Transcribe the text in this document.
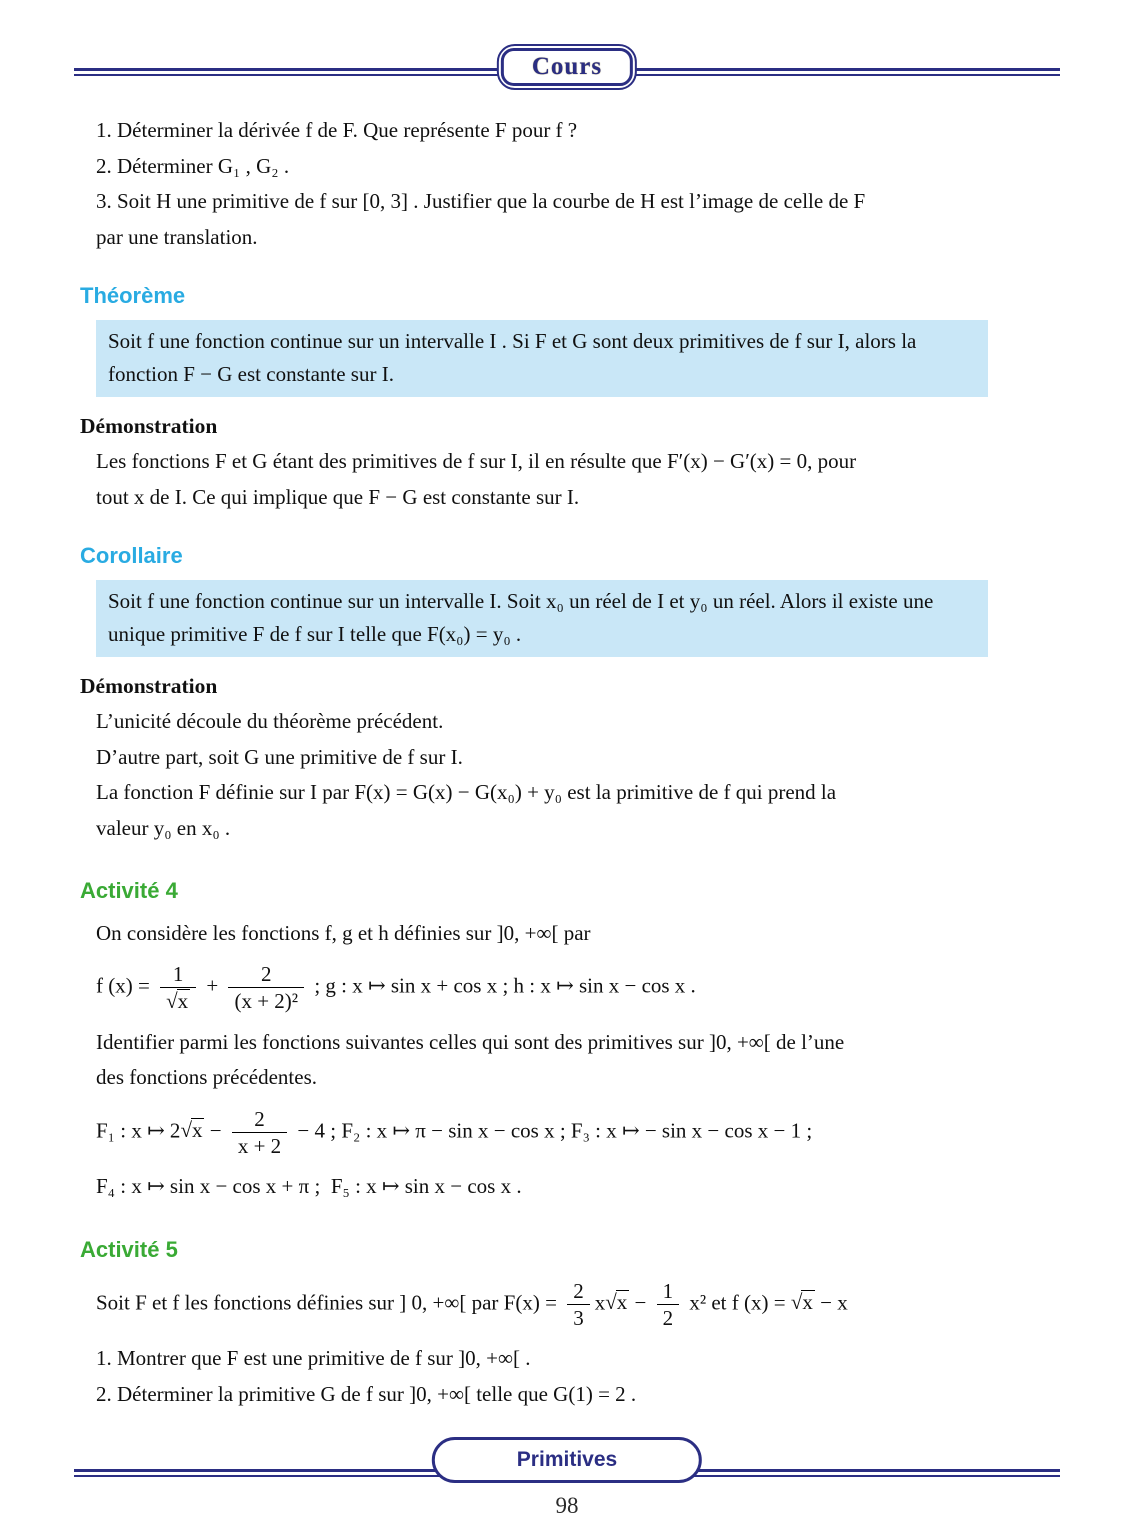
Cours

1. Déterminer la dérivée f de F. Que représente F pour f ?

2. Déterminer G₁ , G₂ .

3. Soit H une primitive de f sur [0, 3] . Justifier que la courbe de H est l’image de celle de F

par une translation.

Théorème

Soit f une fonction continue sur un intervalle I . Si F et G sont deux primitives de f sur I, alors la fonction F − G est constante sur I.

Démonstration

Les fonctions F et G étant des primitives de f sur I, il en résulte que F′(x) − G′(x) = 0, pour

tout x de I. Ce qui implique que F − G est constante sur I.

Corollaire

Soit f une fonction continue sur un intervalle I. Soit x₀ un réel de I et y₀ un réel. Alors il existe une unique primitive F de f sur I telle que F(x₀) = y₀ .

Démonstration

L’unicité découle du théorème précédent.

D’autre part, soit G une primitive de f sur I.

La fonction F définie sur I par F(x) = G(x) − G(x₀) + y₀ est la primitive de f qui prend la

valeur y₀ en x₀ .

Activité 4

On considère les fonctions f, g et h définies sur ]0, +∞[ par

f $(x) = \frac{1}{√x} + \frac{2}{\text{(x + 2)²}}$ ; g : x ↦ sin x + cos x ; h : x ↦ sin x − cos x .

Identifier parmi les fonctions suivantes celles qui sont des primitives sur ]0, +∞[ de l’une

des fonctions précédentes.

F₁ : x ↦ $2√x - \frac{2}{x + 2} - 4$ ; F₂ : x ↦ π − sin x − cos x ; F₃ : x ↦ − sin x − cos x − 1 ;

F₄ : x ↦ sin x − cos x + π ; F₅ : x ↦ sin x − cos x .

Activité 5

Soit F et f les fonctions définies sur ] 0, +∞[ par $F(x) = \frac{2}{3} x√x - \frac{1}{2} x^2$ et f (x) = √x − x

1. Montrer que F est une primitive de f sur ]0, +∞[ .

2. Déterminer la primitive G de f sur ]0, +∞[ telle que G(1) = 2 .

Primitives
98
